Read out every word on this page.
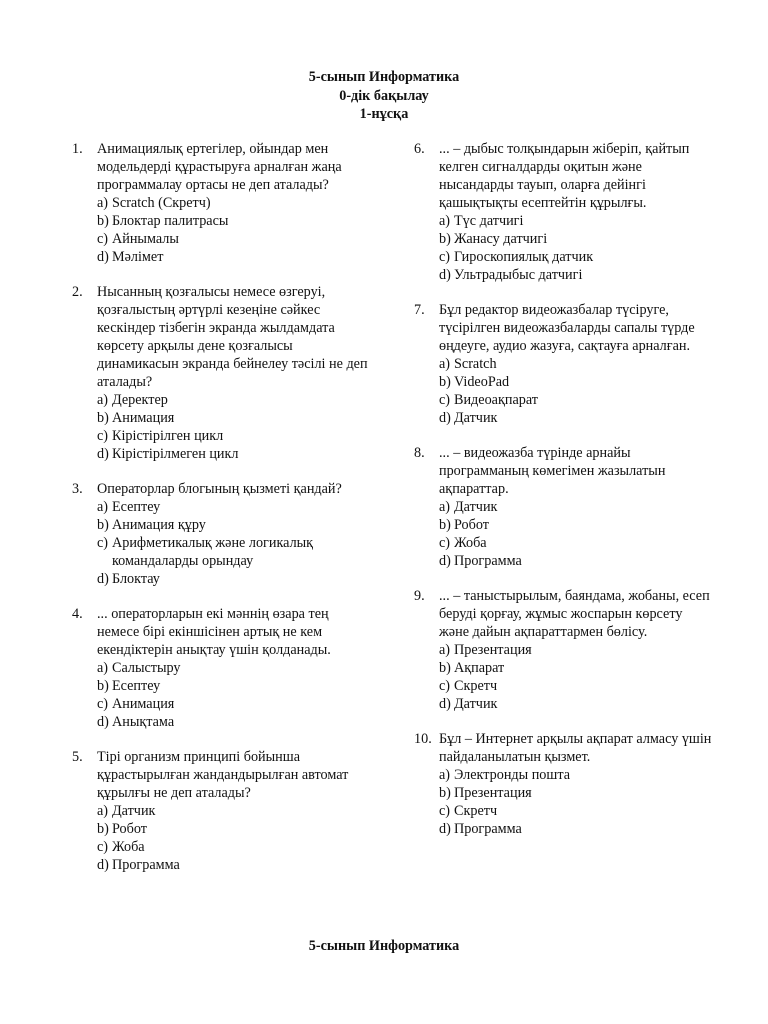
5-сынып Информатика
0-дік бақылау
1-нұсқа
1. Анимациялық ертегілер, ойындар мен модельдерді құрастыруға арналған жаңа программалау ортасы не деп аталады?
a) Scratch (Скретч)
b) Блоктар палитрасы
c) Айнымалы
d) Мәлімет
2. Нысанның қозғалысы немесе өзгеруі, қозғалыстың әртүрлі кезеңіне сәйкес кескіндер тізбегін экранда жылдамдата көрсету арқылы дене қозғалысы динамикасын экранда бейнелеу тәсілі не деп аталады?
a) Деректер
b) Анимация
c) Кірістірілген цикл
d) Кірістірілмеген цикл
3. Операторлар блогының қызметі қандай?
a) Есептеу
b) Анимация құру
c) Арифметикалық және логикалық командаларды орындау
d) Блоктау
4. ... операторларын екі мәннің өзара тең немесе бірі екіншісінен артық не кем екендіктерін анықтау үшін қолданады.
a) Салыстыру
b) Есептеу
c) Анимация
d) Анықтама
5. Тірі организм принципі бойынша құрастырылған жандандырылған автомат құрылғы не деп аталады?
a) Датчик
b) Робот
c) Жоба
d) Программа
6. ... – дыбыс толқындарын жіберіп, қайтып келген сигналдарды оқитын және нысандарды тауып, оларға дейінгі қашықтықты есептейтін құрылғы.
a) Түс датчигі
b) Жанасу датчигі
c) Гироскопиялық датчик
d) Ультрадыбыс датчигі
7. Бұл редактор видеожазбалар түсіруге, түсірілген видеожазбаларды сапалы түрде өңдеуге, аудио жазуға, сақтауға арналған.
a) Scratch
b) VideoPad
c) Видеоақпарат
d) Датчик
8. ... – видеожазба түрінде арнайы программаның көмегімен жазылатын ақпараттар.
a) Датчик
b) Робот
c) Жоба
d) Программа
9. ... – таныстырылым, баяндама, жобаны, есеп беруді қорғау, жұмыс жоспарын көрсету және дайын ақпараттармен бөлісу.
a) Презентация
b) Ақпарат
c) Скретч
d) Датчик
10. Бұл – Интернет арқылы ақпарат алмасу үшін пайдаланылатын қызмет.
a) Электронды пошта
b) Презентация
c) Скретч
d) Программа
5-сынып Информатика
